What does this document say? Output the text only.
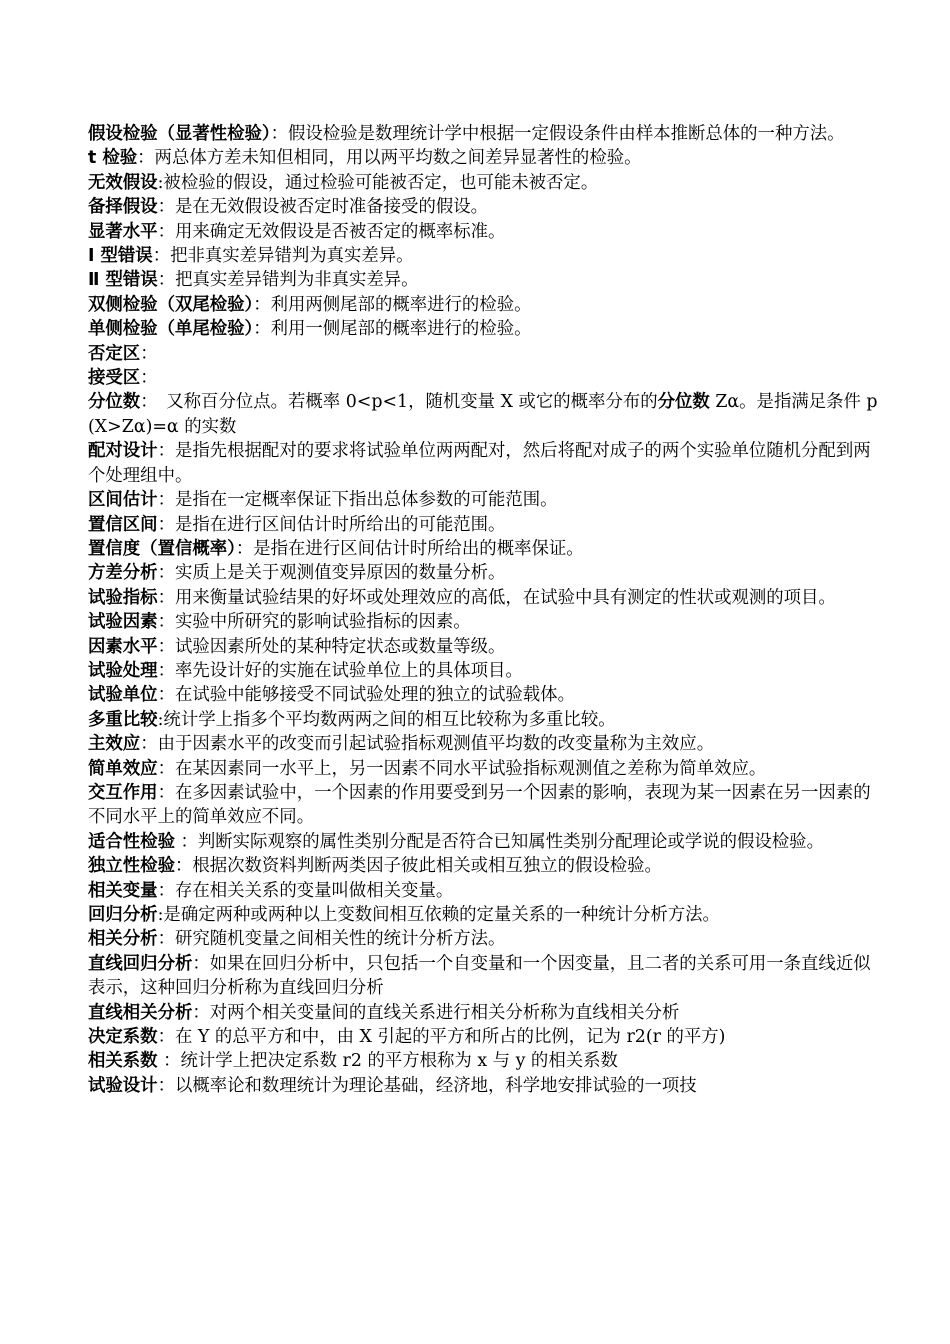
假设检验（显著性检验）：假设检验是数理统计学中根据一定假设条件由样本推断总体的一种方法。

t 检验：两总体方差未知但相同，用以两平均数之间差异显著性的检验。

无效假设:被检验的假设，通过检验可能被否定，也可能未被否定。

备择假设：是在无效假设被否定时准备接受的假设。

显著水平：用来确定无效假设是否被否定的概率标准。

Ⅰ 型错误：把非真实差异错判为真实差异。

Ⅱ 型错误：把真实差异错判为非真实差异。

双侧检验（双尾检验）：利用两侧尾部的概率进行的检验。

单侧检验（单尾检验）：利用一侧尾部的概率进行的检验。

否定区：

接受区：

分位数：　又称百分位点。若概率 0<p<1，随机变量 X 或它的概率分布的分位数 Zα。是指满足条件 p(X>Zα)=α 的实数

配对设计：是指先根据配对的要求将试验单位两两配对，然后将配对成子的两个实验单位随机分配到两个处理组中。

区间估计：是指在一定概率保证下指出总体参数的可能范围。

置信区间：是指在进行区间估计时所给出的可能范围。

置信度（置信概率）：是指在进行区间估计时所给出的概率保证。

方差分析：实质上是关于观测值变异原因的数量分析。

试验指标：用来衡量试验结果的好坏或处理效应的高低，在试验中具有测定的性状或观测的项目。

试验因素：实验中所研究的影响试验指标的因素。

因素水平：试验因素所处的某种特定状态或数量等级。

试验处理：率先设计好的实施在试验单位上的具体项目。

试验单位：在试验中能够接受不同试验处理的独立的试验载体。

多重比较:统计学上指多个平均数两两之间的相互比较称为多重比较。

主效应：由于因素水平的改变而引起试验指标观测值平均数的改变量称为主效应。

简单效应：在某因素同一水平上，另一因素不同水平试验指标观测值之差称为简单效应。

交互作用：在多因素试验中，一个因素的作用要受到另一个因素的影响，表现为某一因素在另一因素的不同水平上的简单效应不同。

适合性检验 ：判断实际观察的属性类别分配是否符合已知属性类别分配理论或学说的假设检验。

独立性检验：根据次数资料判断两类因子彼此相关或相互独立的假设检验。

相关变量：存在相关关系的变量叫做相关变量。

回归分析:是确定两种或两种以上变数间相互依赖的定量关系的一种统计分析方法。

相关分析：研究随机变量之间相关性的统计分析方法。

直线回归分析：如果在回归分析中，只包括一个自变量和一个因变量，且二者的关系可用一条直线近似表示，这种回归分析称为直线回归分析

直线相关分析：对两个相关变量间的直线关系进行相关分析称为直线相关分析

决定系数：在 Y 的总平方和中，由 X 引起的平方和所占的比例，记为 r2(r 的平方)

相关系数 ：统计学上把决定系数 r2 的平方根称为 x 与 y 的相关系数

试验设计：以概率论和数理统计为理论基础，经济地，科学地安排试验的一项技
